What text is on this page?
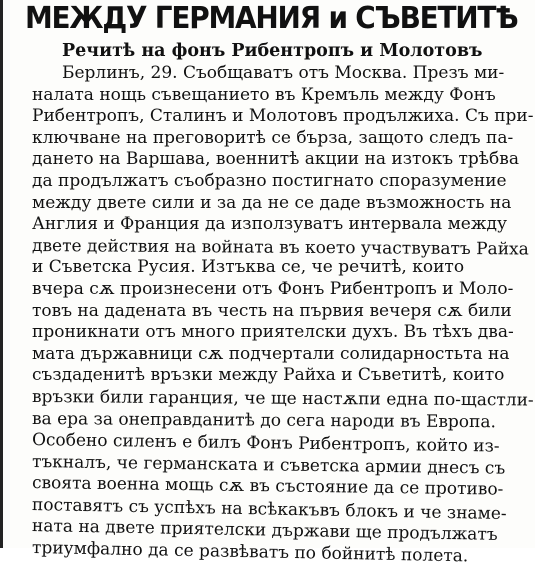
МЕЖДУ ГЕРМАНИЯ и СЪВЕТИТѢ
Речитѣ на фонъ Рибентропъ и Молотовъ
Берлинъ, 29. Съобщаватъ отъ Москва. Презъ ми-
налата нощь съвещанието въ Кремъль между Фонъ
Рибентропъ, Сталинъ и Молотовъ продължиха. Съ при-
ключване на преговоритѣ се бърза, защото следъ па-
дането на Варшава, военнитѣ акции на изтокъ трѣбва
да продължатъ съобразно постигнато споразумение
между двете сили и за да не се даде възможность на
Англия и Франция да използуватъ интервала между
двете действия на войната въ което участвуватъ Райха
и Съветска Русия. Изтъква се, че речитѣ, които
вчера сѫ произнесени отъ Фонъ Рибентропъ и Моло-
товъ на дадената въ честь на първия вечеря сѫ били
проникнати отъ много приятелски духъ. Въ тѣхъ два-
мата държавници сѫ подчертали солидарностьта на
създаденитѣ връзки между Райха и Съветитѣ, които
връзки били гаранция, че ще настѫпи една по-щастли-
ва ера за онеправданитѣ до сега народи въ Европа.
Особено силенъ е билъ Фонъ Рибентропъ, който из-
тъкналъ, че германската и съветска армии днесъ съ
своята военна мощь сѫ въ състояние да се противо-
поставятъ съ успѣхъ на всѣкакъвъ блокъ и че знаме-
ната на двете приятелски държави ще продължатъ
триумфално да се развѣватъ по бойнитѣ полета.
